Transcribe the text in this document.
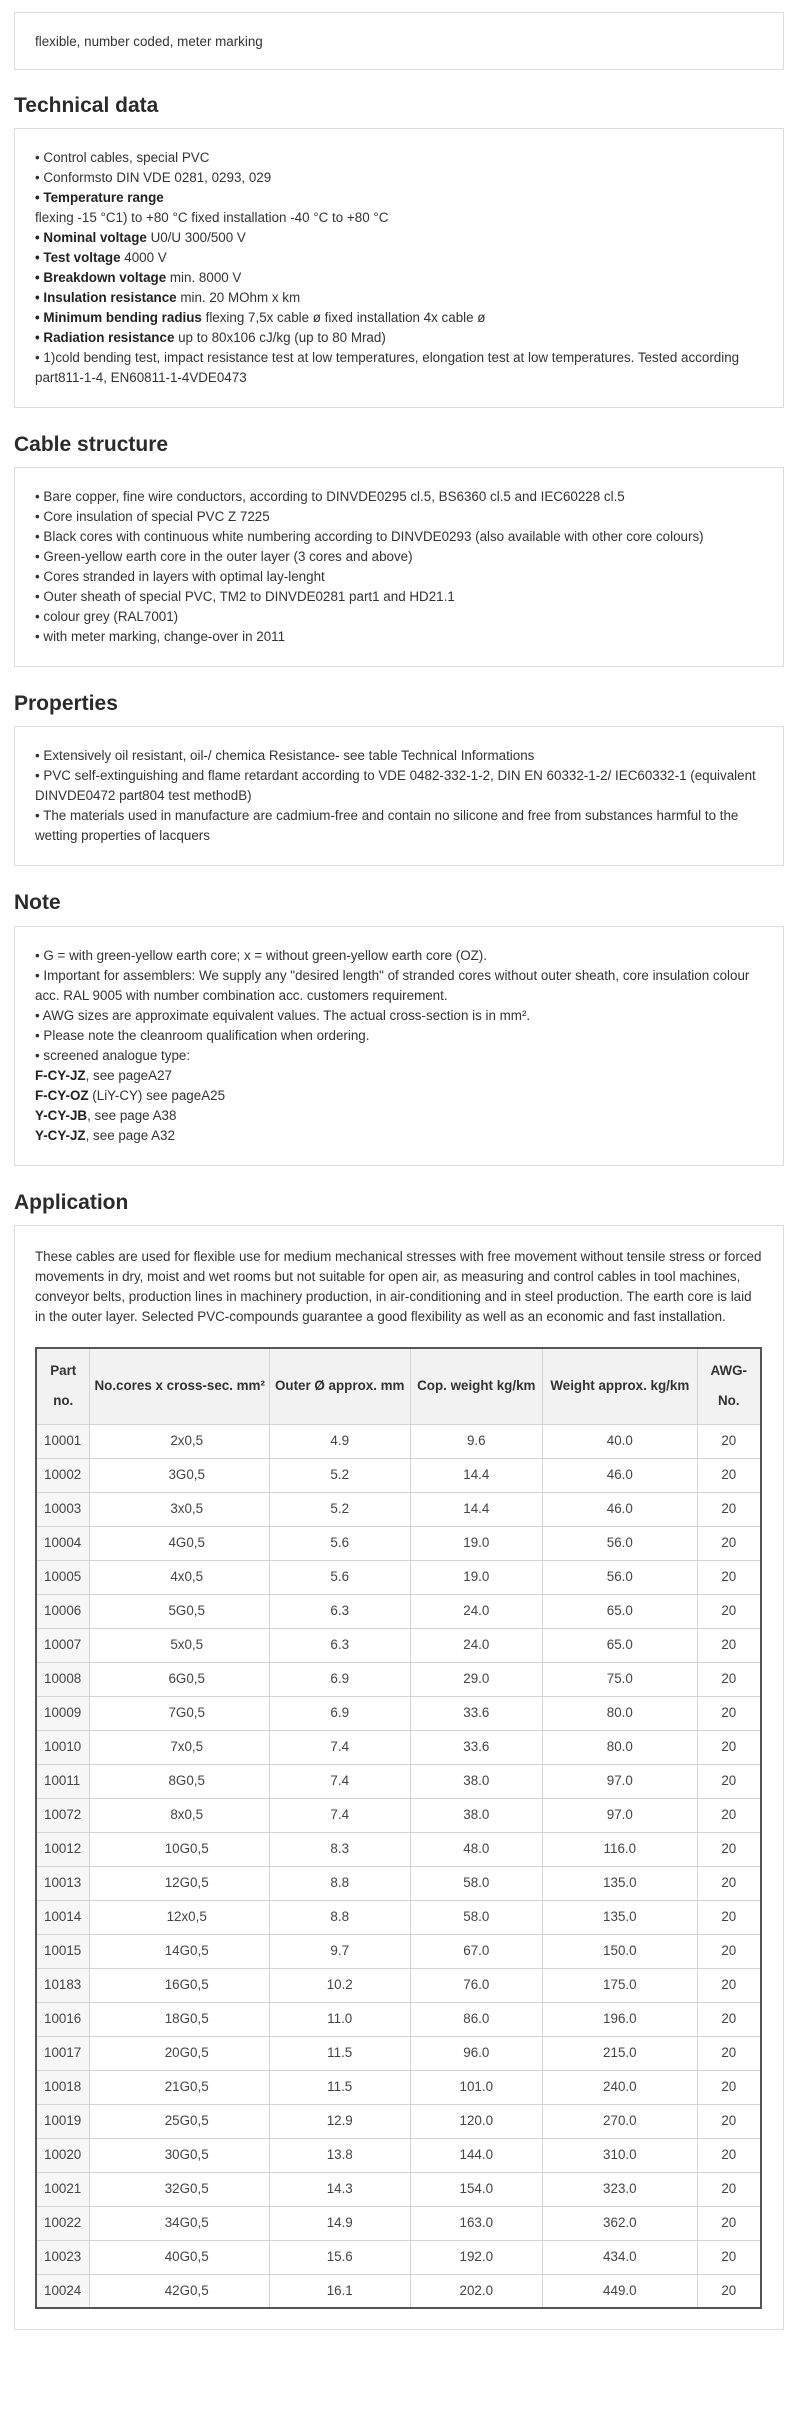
flexible, number coded, meter marking
Technical data
• Control cables, special PVC
• Conformsto DIN VDE 0281, 0293, 029
• Temperature range
flexing -15 °C1) to +80 °C fixed installation -40 °C to +80 °C
• Nominal voltage U0/U 300/500 V
• Test voltage 4000 V
• Breakdown voltage min. 8000 V
• Insulation resistance min. 20 MOhm x km
• Minimum bending radius flexing 7,5x cable ø fixed installation 4x cable ø
• Radiation resistance up to 80x106 cJ/kg (up to 80 Mrad)
• 1)cold bending test, impact resistance test at low temperatures, elongation test at low temperatures. Tested according part811-1-4, EN60811-1-4VDE0473
Cable structure
• Bare copper, fine wire conductors, according to DINVDE0295 cl.5, BS6360 cl.5 and IEC60228 cl.5
• Core insulation of special PVC Z 7225
• Black cores with continuous white numbering according to DINVDE0293 (also available with other core colours)
• Green-yellow earth core in the outer layer (3 cores and above)
• Cores stranded in layers with optimal lay-lenght
• Outer sheath of special PVC, TM2 to DINVDE0281 part1 and HD21.1
• colour grey (RAL7001)
• with meter marking, change-over in 2011
Properties
• Extensively oil resistant, oil-/ chemica Resistance- see table Technical Informations
• PVC self-extinguishing and flame retardant according to VDE 0482-332-1-2, DIN EN 60332-1-2/ IEC60332-1 (equivalent DINVDE0472 part804 test methodB)
• The materials used in manufacture are cadmium-free and contain no silicone and free from substances harmful to the wetting properties of lacquers
Note
• G = with green-yellow earth core; x = without green-yellow earth core (OZ).
• Important for assemblers: We supply any "desired length" of stranded cores without outer sheath, core insulation colour acc. RAL 9005 with number combination acc. customers requirement.
• AWG sizes are approximate equivalent values. The actual cross-section is in mm².
• Please note the cleanroom qualification when ordering.
• screened analogue type:
F-CY-JZ, see pageA27
F-CY-OZ (LiY-CY) see pageA25
Y-CY-JB, see page A38
Y-CY-JZ, see page A32
Application

These cables are used for flexible use for medium mechanical stresses with free movement without tensile stress or forced movements in dry, moist and wet rooms but not suitable for open air, as measuring and control cables in tool machines, conveyor belts, production lines in machinery production, in air-conditioning and in steel production. The earth core is laid in the outer layer. Selected PVC-compounds guarantee a good flexibility as well as an economic and fast installation.

Part no.	No.cores x cross-sec. mm²	Outer Ø approx. mm	Cop. weight kg/km	Weight approx. kg/km	AWG-No.
10001	2x0,5	4.9	9.6	40.0	20
10002	3G0,5	5.2	14.4	46.0	20
10003	3x0,5	5.2	14.4	46.0	20
10004	4G0,5	5.6	19.0	56.0	20
10005	4x0,5	5.6	19.0	56.0	20
10006	5G0,5	6.3	24.0	65.0	20
10007	5x0,5	6.3	24.0	65.0	20
10008	6G0,5	6.9	29.0	75.0	20
10009	7G0,5	6.9	33.6	80.0	20
10010	7x0,5	7.4	33.6	80.0	20
10011	8G0,5	7.4	38.0	97.0	20
10072	8x0,5	7.4	38.0	97.0	20
10012	10G0,5	8.3	48.0	116.0	20
10013	12G0,5	8.8	58.0	135.0	20
10014	12x0,5	8.8	58.0	135.0	20
10015	14G0,5	9.7	67.0	150.0	20
10183	16G0,5	10.2	76.0	175.0	20
10016	18G0,5	11.0	86.0	196.0	20
10017	20G0,5	11.5	96.0	215.0	20
10018	21G0,5	11.5	101.0	240.0	20
10019	25G0,5	12.9	120.0	270.0	20
10020	30G0,5	13.8	144.0	310.0	20
10021	32G0,5	14.3	154.0	323.0	20
10022	34G0,5	14.9	163.0	362.0	20
10023	40G0,5	15.6	192.0	434.0	20
10024	42G0,5	16.1	202.0	449.0	20
